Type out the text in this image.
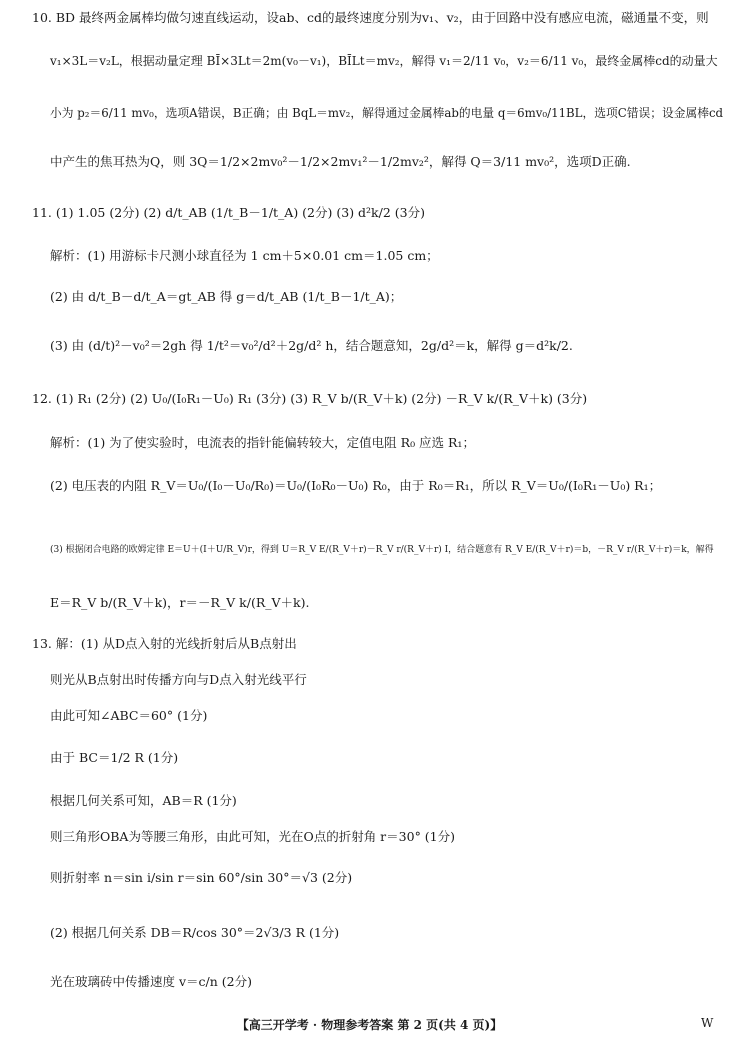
10. BD 最终两金属棒均做匀速直线运动，设ab、cd的最终速度分别为v₁、v₂，由于回路中没有感应电流，磁通量不变，则
v₁×3L＝v₂L，根据动量定理 BĪ×3Lt＝2m(v₀－v₁)，BĪLt＝mv₂，解得 v₁＝2/11 v₀，v₂＝6/11 v₀，最终金属棒cd的动量大
小为 p₂＝6/11 mv₀，选项A错误，B正确；由 BqL＝mv₂，解得通过金属棒ab的电量 q＝6mv₀/11BL，选项C错误；设金属棒cd
中产生的焦耳热为Q，则 3Q＝1/2×2mv₀²－1/2×2mv₁²－1/2mv₂²，解得 Q＝3/11 mv₀²，选项D正确.
11. (1) 1.05 (2分) (2) d/t_AB (1/t_B－1/t_A) (2分) (3) d²k/2 (3分)
解析：(1) 用游标卡尺测小球直径为 1 cm＋5×0.01 cm＝1.05 cm；
(2) 由 d/t_B－d/t_A＝gt_AB 得 g＝d/t_AB (1/t_B－1/t_A)；
(3) 由 (d/t)²－v₀²＝2gh 得 1/t²＝v₀²/d²＋2g/d² h，结合题意知，2g/d²＝k，解得 g＝d²k/2.
12. (1) R₁ (2分) (2) U₀/(I₀R₁－U₀) R₁ (3分) (3) R_V b/(R_V＋k) (2分) －R_V k/(R_V＋k) (3分)
解析：(1) 为了使实验时，电流表的指针能偏转较大，定值电阻 R₀ 应选 R₁；
(2) 电压表的内阻 R_V＝U₀/(I₀－U₀/R₀)＝U₀/(I₀R₀－U₀) R₀，由于 R₀＝R₁，所以 R_V＝U₀/(I₀R₁－U₀) R₁；
(3) 根据闭合电路的欧姆定律 E＝U＋(I＋U/R_V)r，得到 U＝R_V E/(R_V＋r)－R_V r/(R_V＋r) I，结合题意有 R_V E/(R_V＋r)＝b，－R_V r/(R_V＋r)＝k，解得
E＝R_V b/(R_V＋k)，r＝－R_V k/(R_V＋k).
13. 解：(1) 从D点入射的光线折射后从B点射出
则光从B点射出时传播方向与D点入射光线平行
由此可知∠ABC＝60° (1分)
由于 BC＝1/2 R (1分)
根据几何关系可知，AB＝R (1分)
则三角形OBA为等腰三角形，由此可知，光在O点的折射角 r＝30° (1分)
则折射率 n＝sin i/sin r＝sin 60°/sin 30°＝√3 (2分)
(2) 根据几何关系 DB＝R/cos 30°＝2√3/3 R (1分)
光在玻璃砖中传播速度 v＝c/n (2分)
【高三开学考 · 物理参考答案 第 2 页(共 4 页)】	W
